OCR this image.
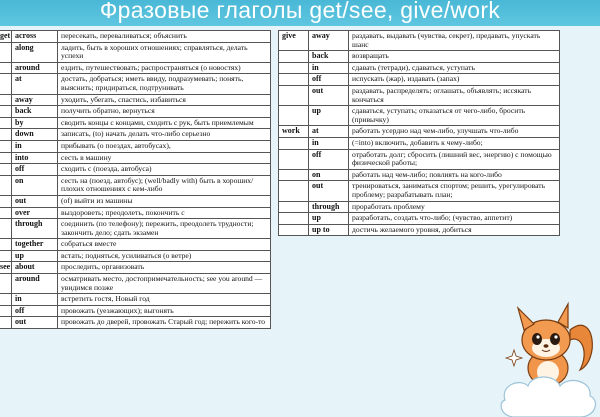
Фразовые глаголы get/see, give/work
get	across	пересекать, переваливаться; объяснить
	along	ладить, быть в хороших отношениях; справляться, делать успехи
	around	ездить, путешествовать; распространяться (о новостях)
	at	достать, добраться; иметь ввиду, подразумевать; понять, выяснить; придираться, подтрунивать
	away	уходить, убегать, спастись, избавиться
	back	получить обратно, вернуться
	by	сводить концы с концами, сходить с рук, быть приемлемым
	down	записать, (to) начать делать что-либо серьезно
	in	прибывать (о поездах, автобусах),
	into	сесть в машину
	off	сходить с (поезда, автобуса)
	on	сесть на (поезд, автобус); (well/badly with) быть в хороших/плохих отношениях с кем-либо
	out	(of) выйти из машины
	over	выздороветь; преодолеть, покончить с
	through	соединить (по телефону); пережить, преодолеть трудности; закончить дело; сдать экзамен
	together	собраться вместе
	up	встать; подняться, усиливаться (о ветре)
see	about	проследить, организовать
	around	осматривать место, достопримечательность; see you around — увидимся позже
	in	встретить гостя, Новый год
	off	провожать (уезжающих); выгонять
	out	провожать до дверей, провожать Старый год; пережить кого-то
give	away	раздавать, выдавать (чувства, секрет), предавать, упускать шанс
	back	возвращать
	in	сдавать (тетради), сдаваться, уступать
	off	испускать (жар), издавать (запах)
	out	раздавать, распределять; оглашать, объявлять; иссякать кончаться
	up	сдаваться, уступать; отказаться от чего-либо, бросить (привычку)
work	at	работать усердно над чем-либо, улучшать что-либо
	in	(=into) включить, добавить к чему-либо;
	off	отработать долг; сбросить (лишний вес, энергию) с помощью физической работы;
	on	работать над чем-либо; повлиять на кого-либо
	out	тренироваться, заниматься спортом; решить, урегулировать проблему; разрабатывать план;
	through	проработать проблему
	up	разработать, создать что-либо; (чувство, аппетит)
	up to	достичь желаемого уровня, добиться
